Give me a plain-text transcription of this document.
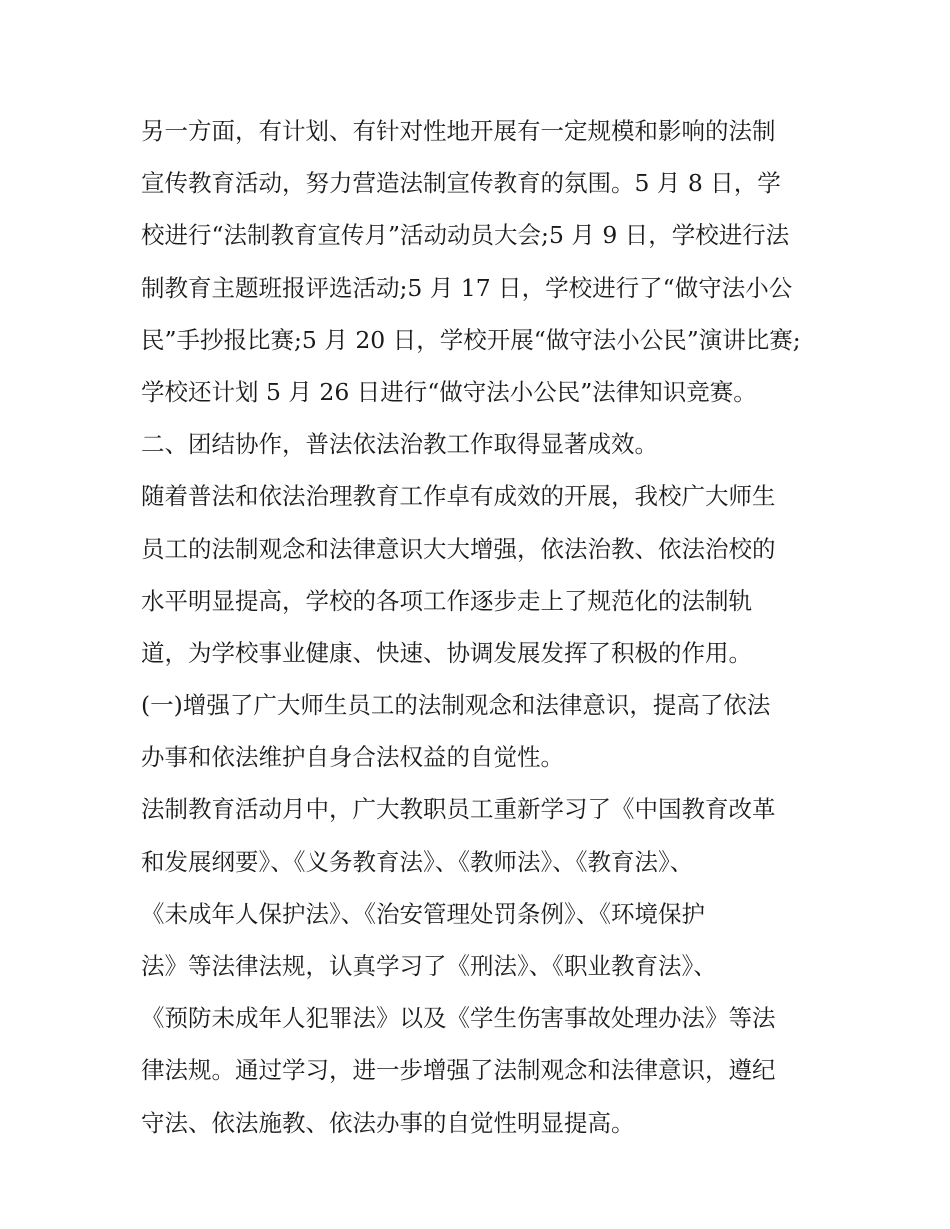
另一方面，有计划、有针对性地开展有一定规模和影响的法制
宣传教育活动，努力营造法制宣传教育的氛围。5 月 8 日，学
校进行“法制教育宣传月”活动动员大会;5 月 9 日，学校进行法
制教育主题班报评选活动;5 月 17 日，学校进行了“做守法小公
民”手抄报比赛;5 月 20 日，学校开展“做守法小公民”演讲比赛;
学校还计划 5 月 26 日进行“做守法小公民”法律知识竞赛。
二、团结协作，普法依法治教工作取得显著成效。
随着普法和依法治理教育工作卓有成效的开展，我校广大师生
员工的法制观念和法律意识大大增强，依法治教、依法治校的
水平明显提高，学校的各项工作逐步走上了规范化的法制轨
道，为学校事业健康、快速、协调发展发挥了积极的作用。
(一)增强了广大师生员工的法制观念和法律意识，提高了依法
办事和依法维护自身合法权益的自觉性。
法制教育活动月中，广大教职员工重新学习了《中国教育改革
和发展纲要》、《义务教育法》、《教师法》、《教育法》、
《未成年人保护法》、《治安管理处罚条例》、《环境保护
法》等法律法规，认真学习了《刑法》、《职业教育法》、
《预防未成年人犯罪法》以及《学生伤害事故处理办法》等法
律法规。通过学习，进一步增强了法制观念和法律意识，遵纪
守法、依法施教、依法办事的自觉性明显提高。
